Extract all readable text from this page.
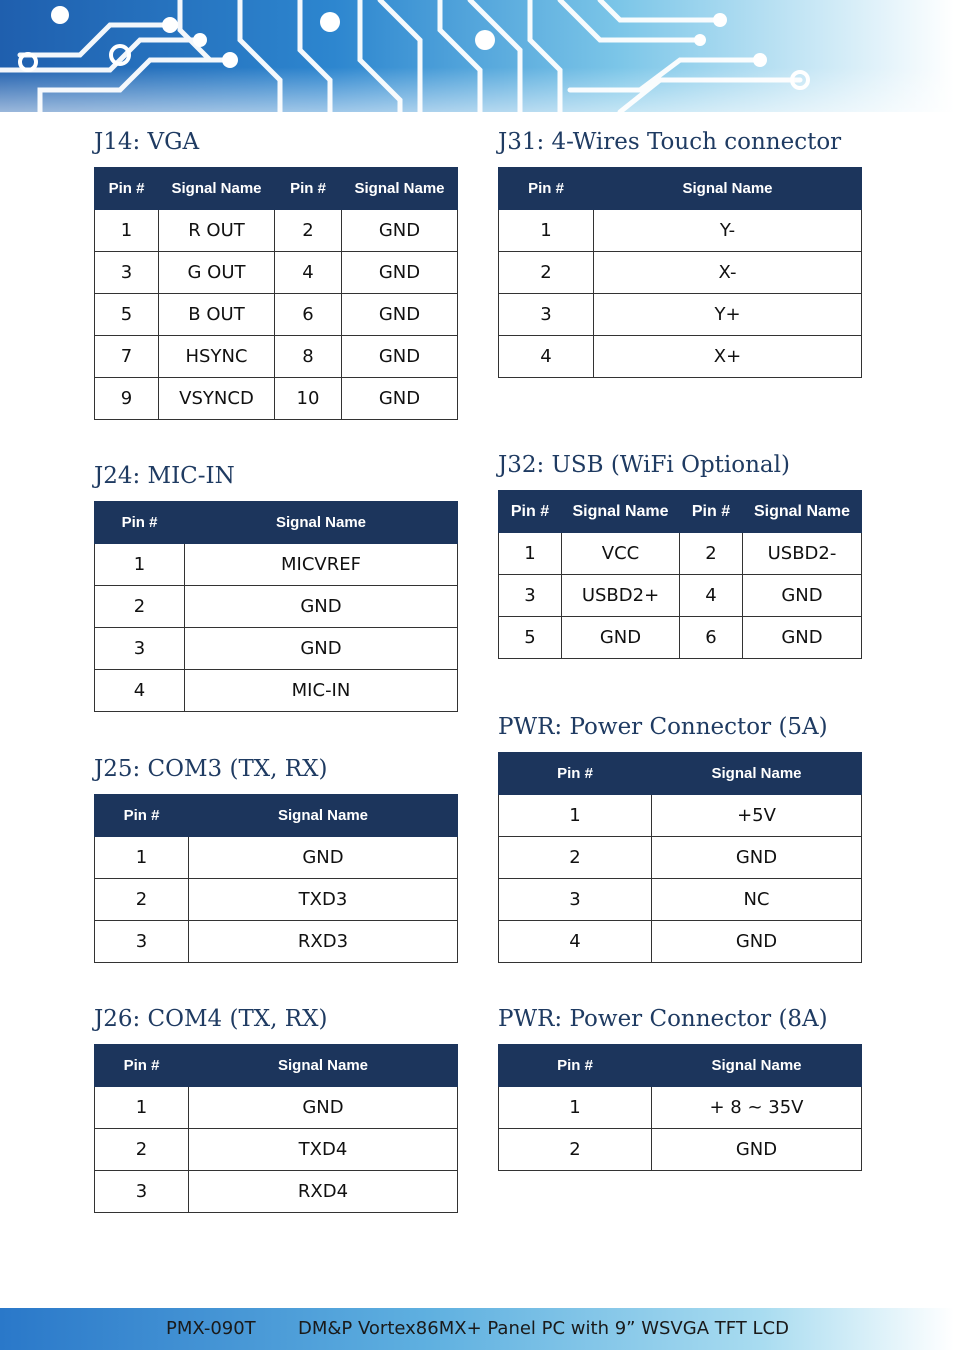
J14: VGA
Pin #	Signal Name	Pin #	Signal Name
1	R OUT	2	GND
3	G OUT	4	GND
5	B OUT	6	GND
7	HSYNC	8	GND
9	VSYNCD	10	GND
J24: MIC-IN
Pin #	Signal Name
1	MICVREF
2	GND
3	GND
4	MIC-IN
J25: COM3 (TX, RX)
Pin #	Signal Name
1	GND
2	TXD3
3	RXD3
J26: COM4 (TX, RX)
Pin #	Signal Name
1	GND
2	TXD4
3	RXD4
J31: 4-Wires Touch connector
Pin #	Signal Name
1	Y-
2	X-
3	Y+
4	X+
J32: USB (WiFi Optional)
Pin #	Signal Name	Pin #	Signal Name
1	VCC	2	USBD2-
3	USBD2+	4	GND
5	GND	6	GND
PWR: Power Connector (5A)
Pin #	Signal Name
1	+5V
2	GND
3	NC
4	GND
PWR: Power Connector (8A)
Pin #	Signal Name
1	+ 8 ~ 35V
2	GND
PMX-090T DM&P Vortex86MX+ Panel PC with 9” WSVGA TFT LCD
